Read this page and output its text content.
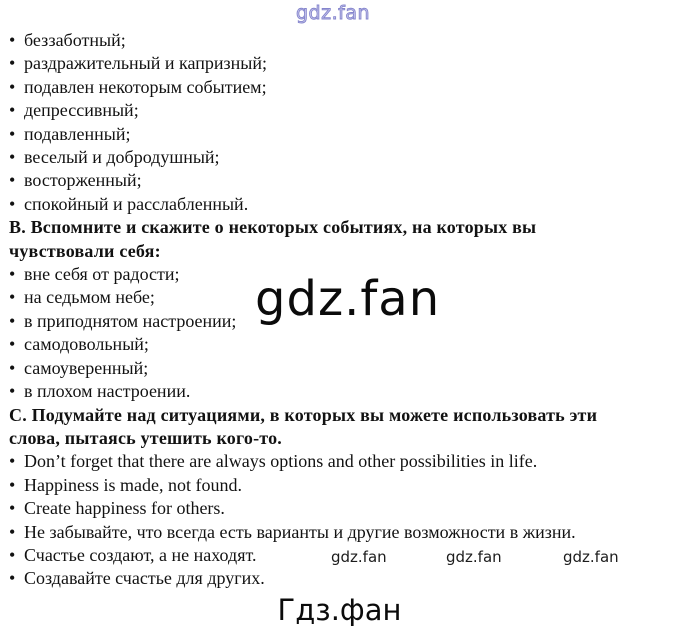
gdz.fan
gdz.fan
• беззаботный;
• раздражительный и капризный;
• подавлен некоторым событием;
• депрессивный;
• подавленный;
• веселый и добродушный;
• восторженный;
• спокойный и расслабленный.
В. Вспомните и скажите о некоторых событиях, на которых вы
чувствовали себя:
• вне себя от радости;
• на седьмом небе;
• в приподнятом настроении;
• самодовольный;
• самоуверенный;
• в плохом настроении.
С. Подумайте над ситуациями, в которых вы можете использовать эти
слова, пытаясь утешить кого-то.
• Don’t forget that there are always options and other possibilities in life.
• Happiness is made, not found.
• Create happiness for others.
• Не забывайте, что всегда есть варианты и другие возможности в жизни.
• Счастье создают, а не находят.	gdz.fan	gdz.fan	gdz.fan
• Создавайте счастье для других.
Гдз.фан
